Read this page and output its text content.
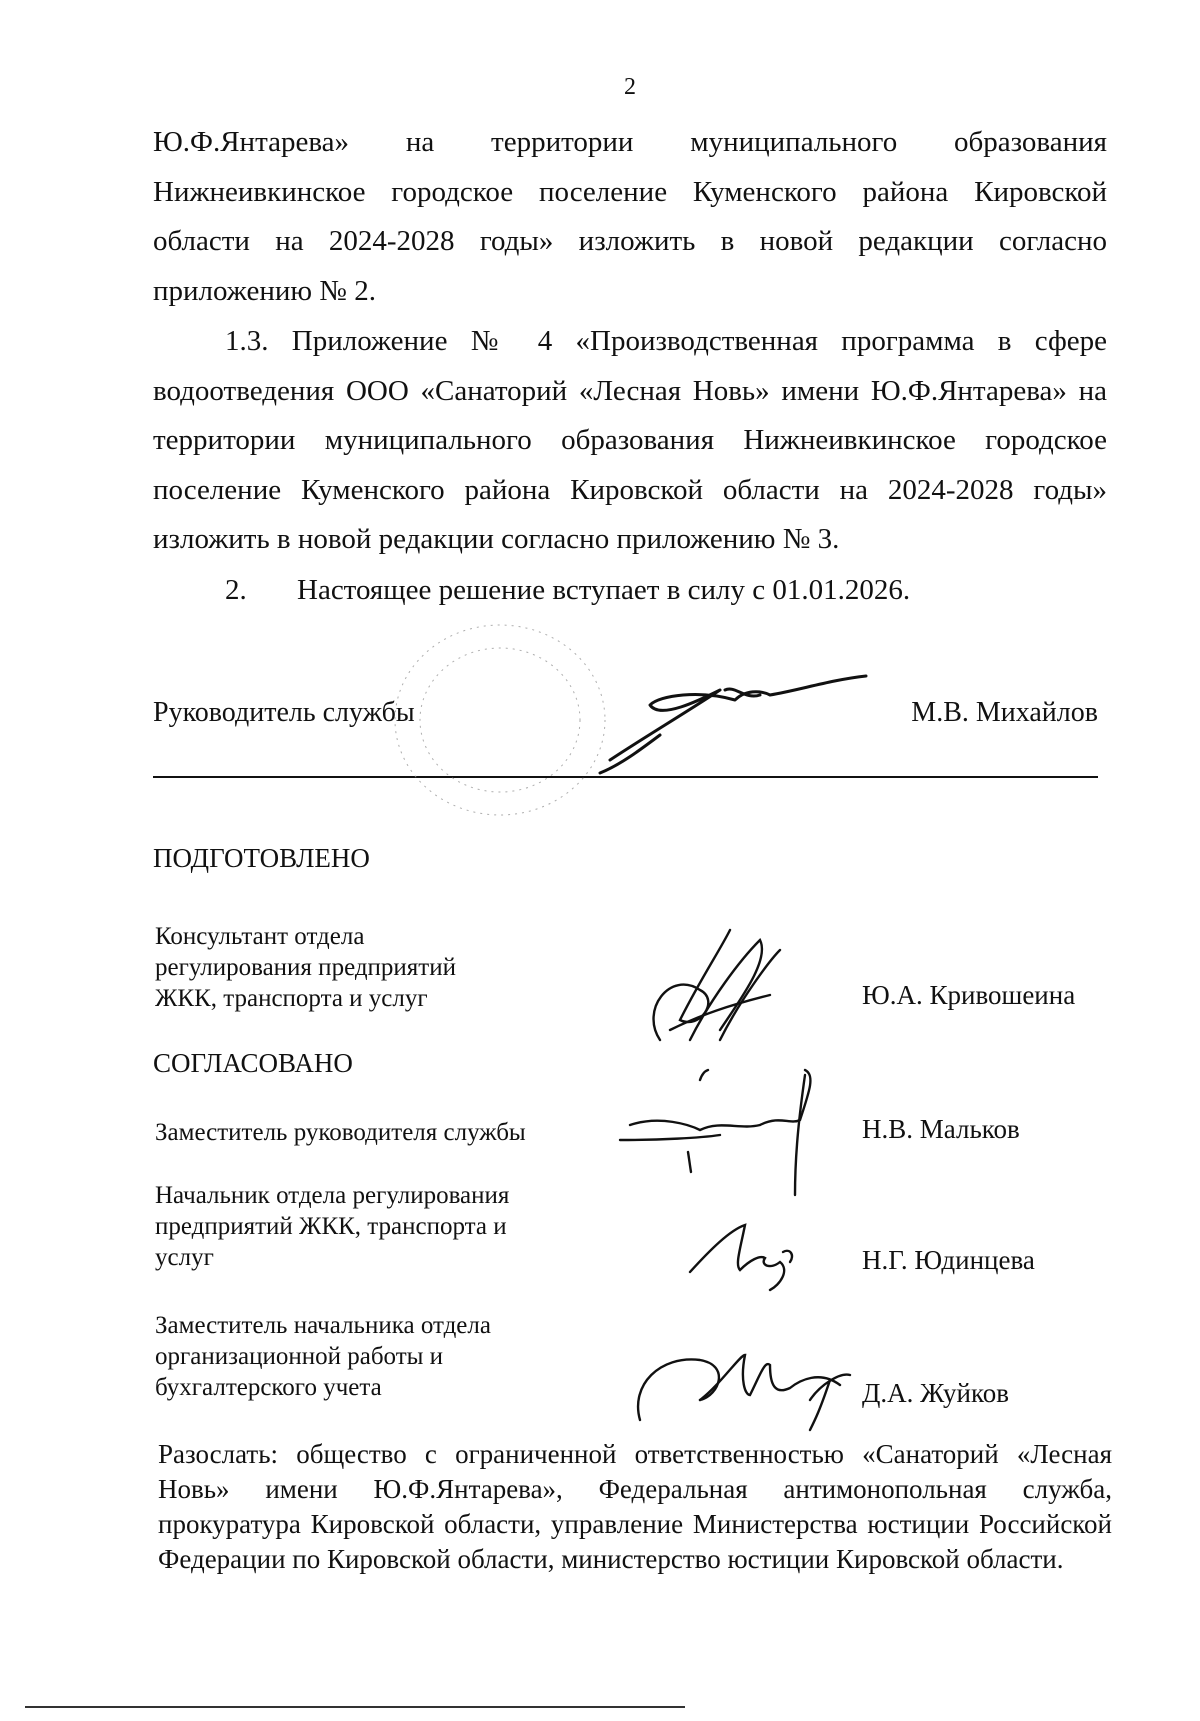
2
Ю.Ф.Янтарева» на территории муниципального образования Нижнеивкинское городское поселение Куменского района Кировской области на 2024-2028 годы» изложить в новой редакции согласно приложению № 2.
1.3. Приложение № 4 «Производственная программа в сфере водоотведения ООО «Санаторий «Лесная Новь» имени Ю.Ф.Янтарева» на территории муниципального образования Нижнеивкинское городское поселение Куменского района Кировской области на 2024-2028 годы» изложить в новой редакции согласно приложению № 3.
2. Настоящее решение вступает в силу с 01.01.2026.
Руководитель службы	М.В. Михайлов
ПОДГОТОВЛЕНО
Консультант отдела
регулирования предприятий
ЖКК, транспорта и услуг	Ю.А. Кривошеина
СОГЛАСОВАНО
Заместитель руководителя службы	Н.В. Мальков
Начальник отдела регулирования
предприятий ЖКК, транспорта и
услуг	Н.Г. Юдинцева
Заместитель начальника отдела
организационной работы и
бухгалтерского учета	Д.А. Жуйков
Разослать: общество с ограниченной ответственностью «Санаторий «Лесная Новь» имени Ю.Ф.Янтарева», Федеральная антимонопольная служба, прокуратура Кировской области, управление Министерства юстиции Российской Федерации по Кировской области, министерство юстиции Кировской области.
